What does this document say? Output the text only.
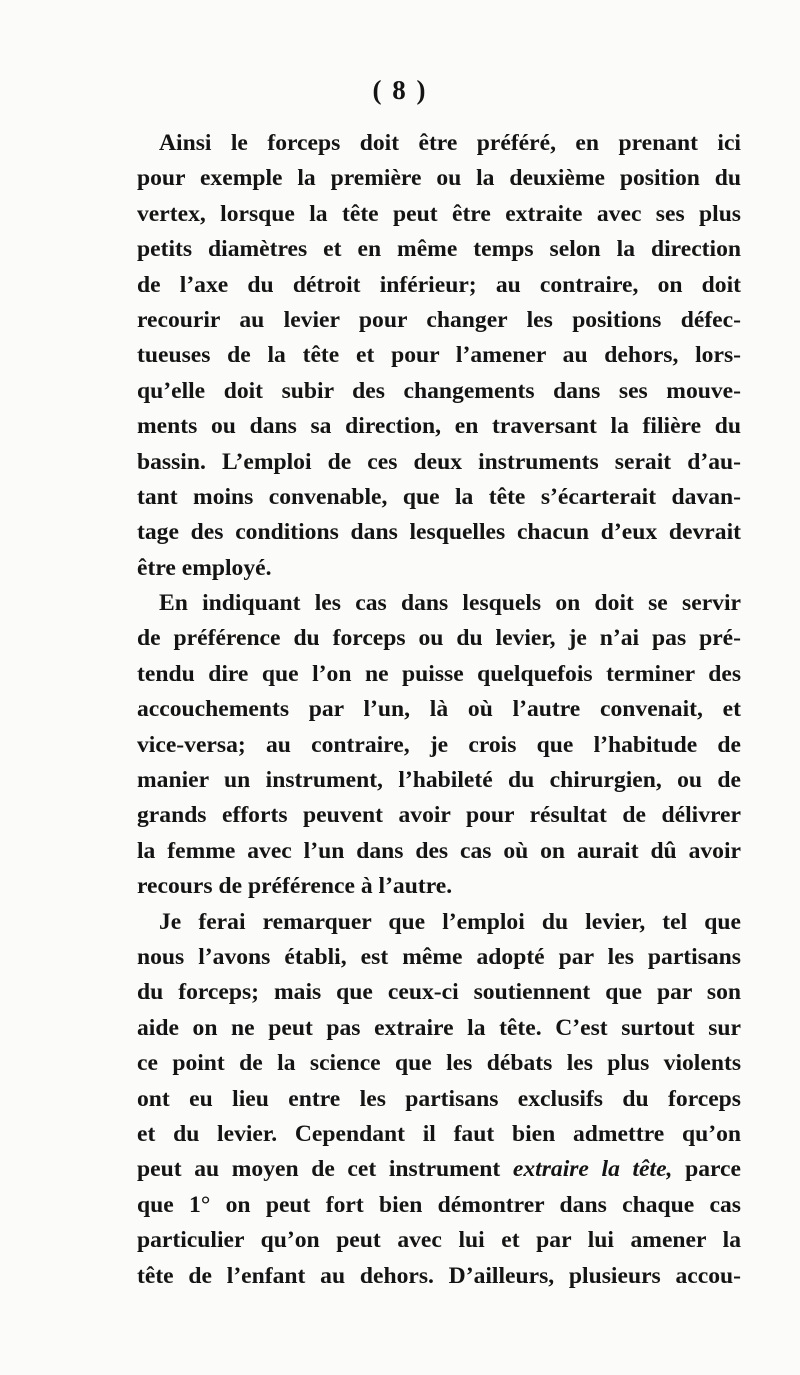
( 8 )
Ainsi le forceps doit être préféré, en prenant ici
pour exemple la première ou la deuxième position du
vertex, lorsque la tête peut être extraite avec ses plus
petits diamètres et en même temps selon la direction
de l’axe du détroit inférieur; au contraire, on doit
recourir au levier pour changer les positions défec-
tueuses de la tête et pour l’amener au dehors, lors-
qu’elle doit subir des changements dans ses mouve-
ments ou dans sa direction, en traversant la filière du
bassin. L’emploi de ces deux instruments serait d’au-
tant moins convenable, que la tête s’écarterait davan-
tage des conditions dans lesquelles chacun d’eux devrait
être employé.
En indiquant les cas dans lesquels on doit se servir
de préférence du forceps ou du levier, je n’ai pas pré-
tendu dire que l’on ne puisse quelquefois terminer des
accouchements par l’un, là où l’autre convenait, et
vice-versa; au contraire, je crois que l’habitude de
manier un instrument, l’habileté du chirurgien, ou de
grands efforts peuvent avoir pour résultat de délivrer
la femme avec l’un dans des cas où on aurait dû avoir
recours de préférence à l’autre.
Je ferai remarquer que l’emploi du levier, tel que
nous l’avons établi, est même adopté par les partisans
du forceps; mais que ceux-ci soutiennent que par son
aide on ne peut pas extraire la tête. C’est surtout sur
ce point de la science que les débats les plus violents
ont eu lieu entre les partisans exclusifs du forceps
et du levier. Cependant il faut bien admettre qu’on
peut au moyen de cet instrument extraire la tête, parce
que 1° on peut fort bien démontrer dans chaque cas
particulier qu’on peut avec lui et par lui amener la
tête de l’enfant au dehors. D’ailleurs, plusieurs accou-
